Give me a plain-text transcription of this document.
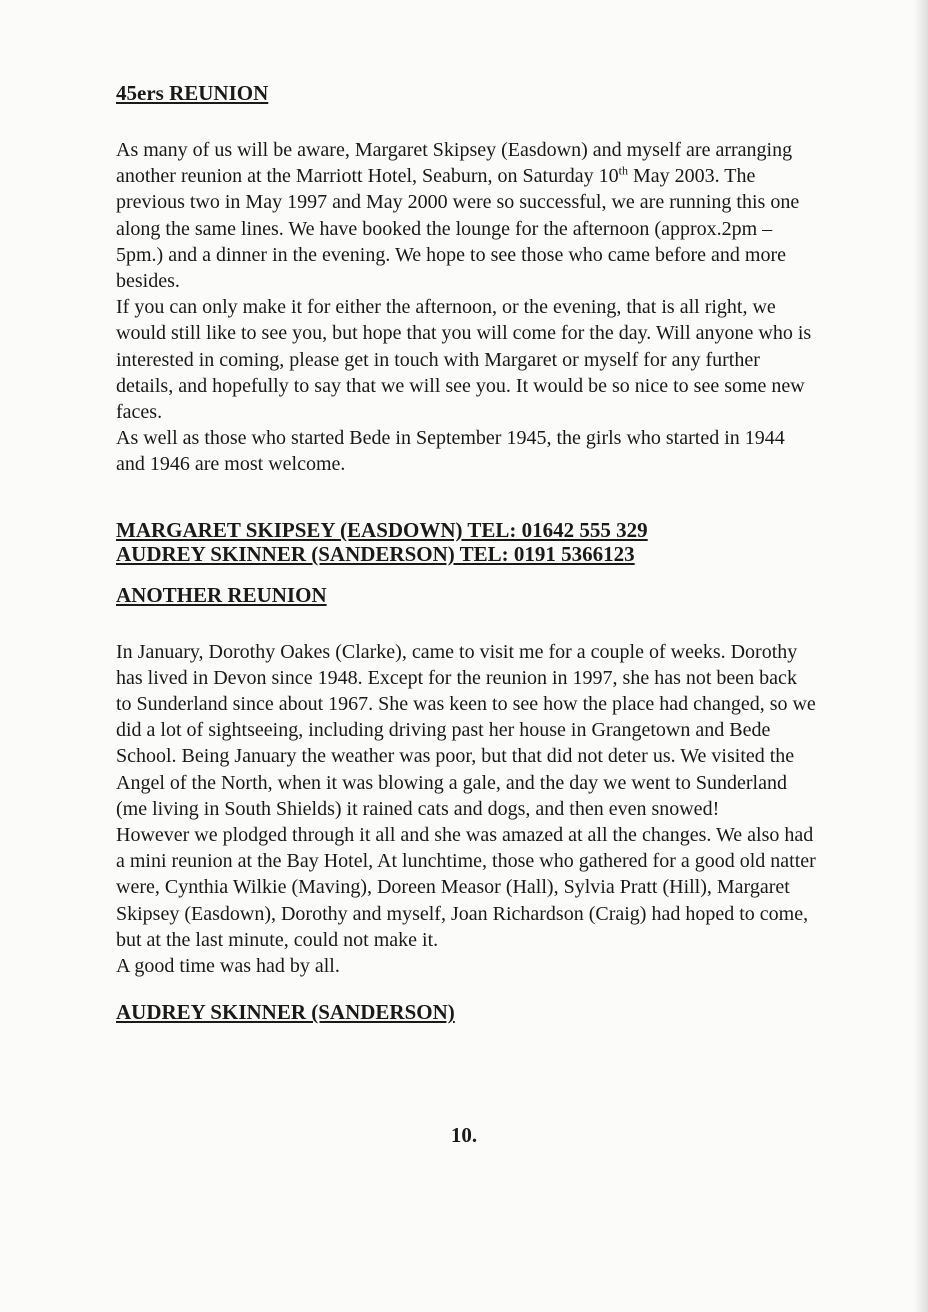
45ers REUNION
As many of us will be aware, Margaret Skipsey (Easdown) and myself are arranging another reunion at the Marriott Hotel, Seaburn, on Saturday 10th May 2003. The previous two in May 1997 and May 2000 were so successful, we are running this one along the same lines. We have booked the lounge for the afternoon (approx.2pm – 5pm.) and a dinner in the evening. We hope to see those who came before and more besides.
If you can only make it for either the afternoon, or the evening, that is all right, we would still like to see you, but hope that you will come for the day. Will anyone who is interested in coming, please get in touch with Margaret or myself for any further details, and hopefully to say that we will see you. It would be so nice to see some new faces.
As well as those who started Bede in September 1945, the girls who started in 1944 and 1946 are most welcome.

MARGARET SKIPSEY (EASDOWN) TEL: 01642 555 329

AUDREY SKINNER (SANDERSON) TEL: 0191 5366123

ANOTHER REUNION
In January, Dorothy Oakes (Clarke), came to visit me for a couple of weeks. Dorothy has lived in Devon since 1948. Except for the reunion in 1997, she has not been back to Sunderland since about 1967. She was keen to see how the place had changed, so we did a lot of sightseeing, including driving past her house in Grangetown and Bede School. Being January the weather was poor, but that did not deter us. We visited the Angel of the North, when it was blowing a gale, and the day we went to Sunderland (me living in South Shields) it rained cats and dogs, and then even snowed!
However we plodged through it all and she was amazed at all the changes. We also had a mini reunion at the Bay Hotel, At lunchtime, those who gathered for a good old natter were, Cynthia Wilkie (Maving), Doreen Measor (Hall), Sylvia Pratt (Hill), Margaret Skipsey (Easdown), Dorothy and myself, Joan Richardson (Craig) had hoped to come, but at the last minute, could not make it.
A good time was had by all.
AUDREY SKINNER (SANDERSON)
10.
